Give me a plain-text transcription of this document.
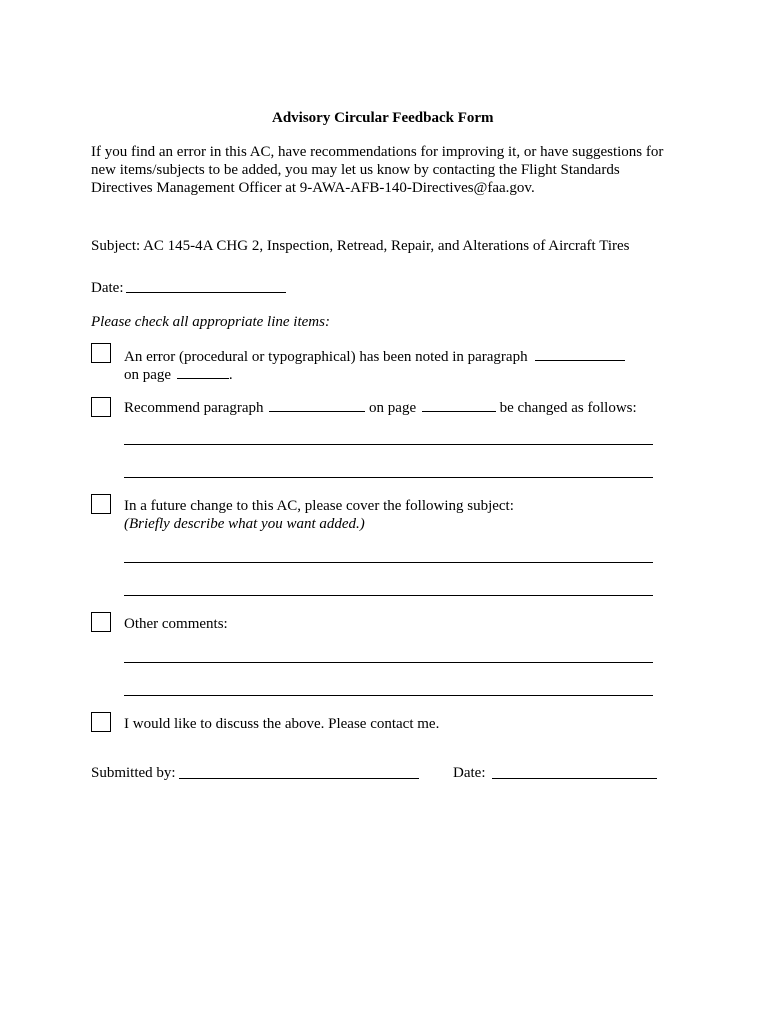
Advisory Circular Feedback Form
If you find an error in this AC, have recommendations for improving it, or have suggestions for
new items/subjects to be added, you may let us know by contacting the Flight Standards
Directives Management Officer at 9-AWA-AFB-140-Directives@faa.gov.
Subject: AC 145-4A CHG 2, Inspection, Retread, Repair, and Alterations of Aircraft Tires
Date:
Please check all appropriate line items:
An error (procedural or typographical) has been noted in paragraph
on page	.
Recommend paragraph	on page	be changed as follows:
In a future change to this AC, please cover the following subject:
(Briefly describe what you want added.)
Other comments:
I would like to discuss the above. Please contact me.
Submitted by:	Date:
